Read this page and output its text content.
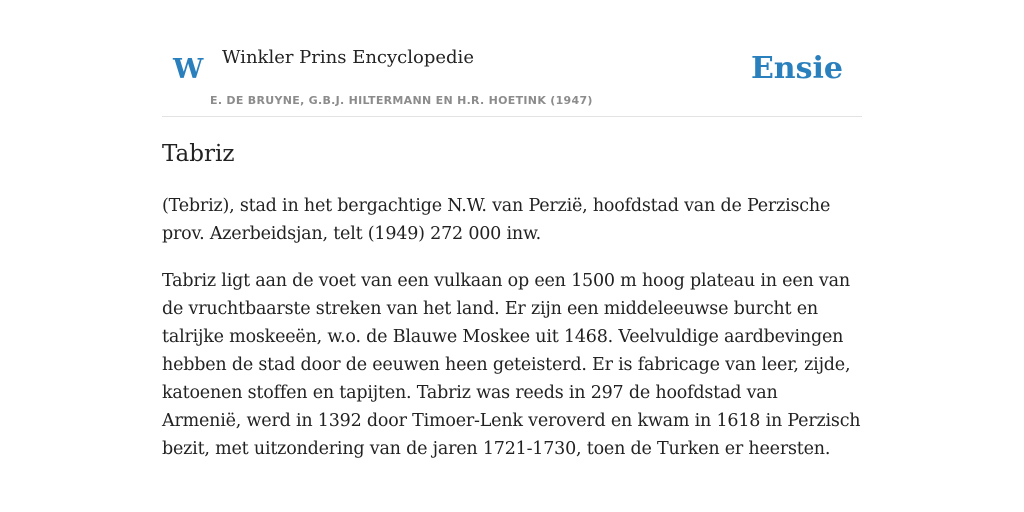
W Winkler Prins Encyclopedie
E. DE BRUYNE, G.B.J. HILTERMANN EN H.R. HOETINK (1947)
Ensie
Tabriz

(Tebriz), stad in het bergachtige N.W. van Perzië, hoofdstad van de Perzische prov. Azerbeidsjan, telt (1949) 272 000 inw.

Tabriz ligt aan de voet van een vulkaan op een 1500 m hoog plateau in een van de vruchtbaarste streken van het land. Er zijn een middeleeuwse burcht en talrijke moskeeën, w.o. de Blauwe Moskee uit 1468. Veelvuldige aardbevingen hebben de stad door de eeuwen heen geteisterd. Er is fabricage van leer, zijde, katoenen stoffen en tapijten. Tabriz was reeds in 297 de hoofdstad van Armenië, werd in 1392 door Timoer-Lenk veroverd en kwam in 1618 in Perzisch bezit, met uitzondering van de jaren 1721-1730, toen de Turken er heersten.
